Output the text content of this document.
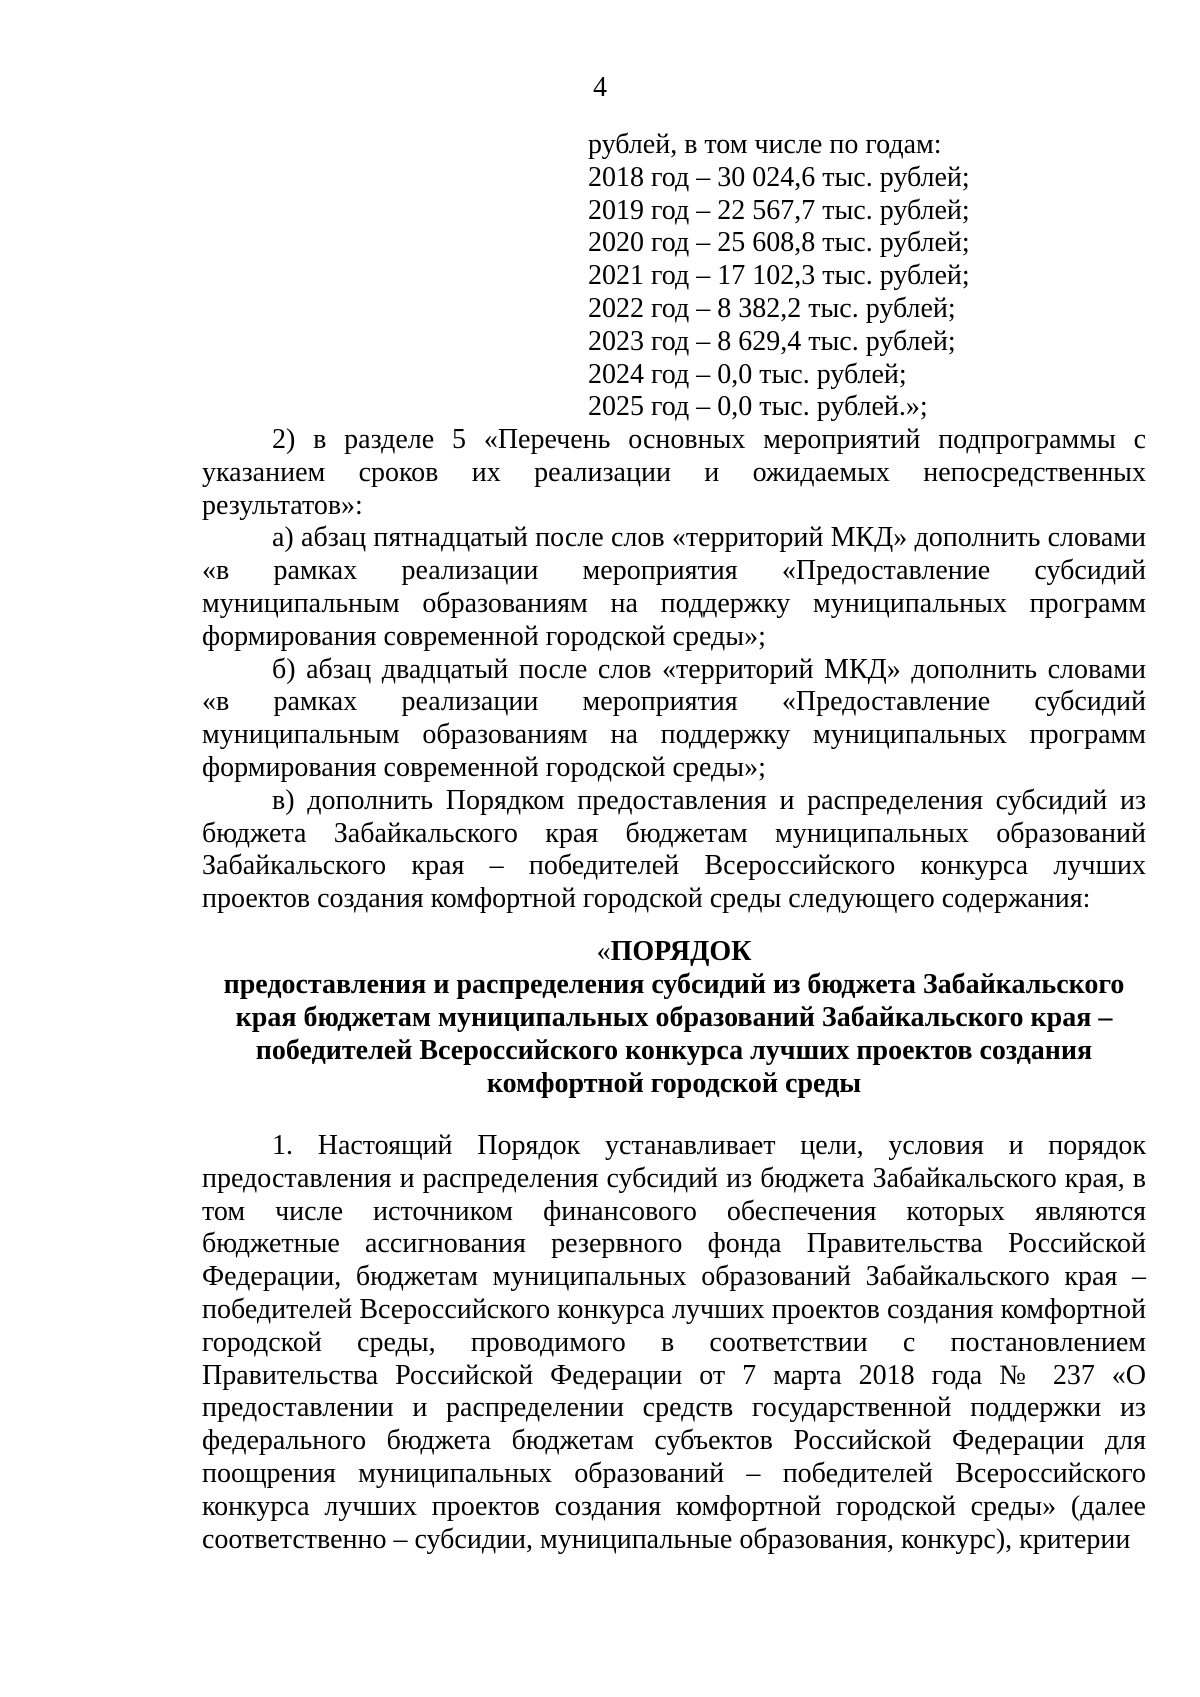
4
рублей, в том числе по годам:
2018 год – 30 024,6 тыс. рублей;
2019 год – 22 567,7 тыс. рублей;
2020 год – 25 608,8 тыс. рублей;
2021 год – 17 102,3 тыс. рублей;
2022 год – 8 382,2 тыс. рублей;
2023 год – 8 629,4 тыс. рублей;
2024 год – 0,0 тыс. рублей;
2025 год – 0,0 тыс. рублей.»;

2) в разделе 5 «Перечень основных мероприятий подпрограммы с указанием сроков их реализации и ожидаемых непосредственных результатов»:

а) абзац пятнадцатый после слов «территорий МКД» дополнить словами «в рамках реализации мероприятия «Предоставление субсидий муниципальным образованиям на поддержку муниципальных программ формирования современной городской среды»;

б) абзац двадцатый после слов «территорий МКД» дополнить словами «в рамках реализации мероприятия «Предоставление субсидий муниципальным образованиям на поддержку муниципальных программ формирования современной городской среды»;

в) дополнить Порядком предоставления и распределения субсидий из бюджета Забайкальского края бюджетам муниципальных образований Забайкальского края – победителей Всероссийского конкурса лучших проектов создания комфортной городской среды следующего содержания:

«ПОРЯДОК
предоставления и распределения субсидий из бюджета Забайкальского
края бюджетам муниципальных образований Забайкальского края –
победителей Всероссийского конкурса лучших проектов создания
комфортной городской среды

1. Настоящий Порядок устанавливает цели, условия и порядок предоставления и распределения субсидий из бюджета Забайкальского края, в том числе источником финансового обеспечения которых являются бюджетные ассигнования резервного фонда Правительства Российской Федерации, бюджетам муниципальных образований Забайкальского края – победителей Всероссийского конкурса лучших проектов создания комфортной городской среды, проводимого в соответствии с постановлением Правительства Российской Федерации от 7 марта 2018 года № 237 «О предоставлении и распределении средств государственной поддержки из федерального бюджета бюджетам субъектов Российской Федерации для поощрения муниципальных образований – победителей Всероссийского конкурса лучших проектов создания комфортной городской среды» (далее соответственно – субсидии, муниципальные образования, конкурс), критерии
